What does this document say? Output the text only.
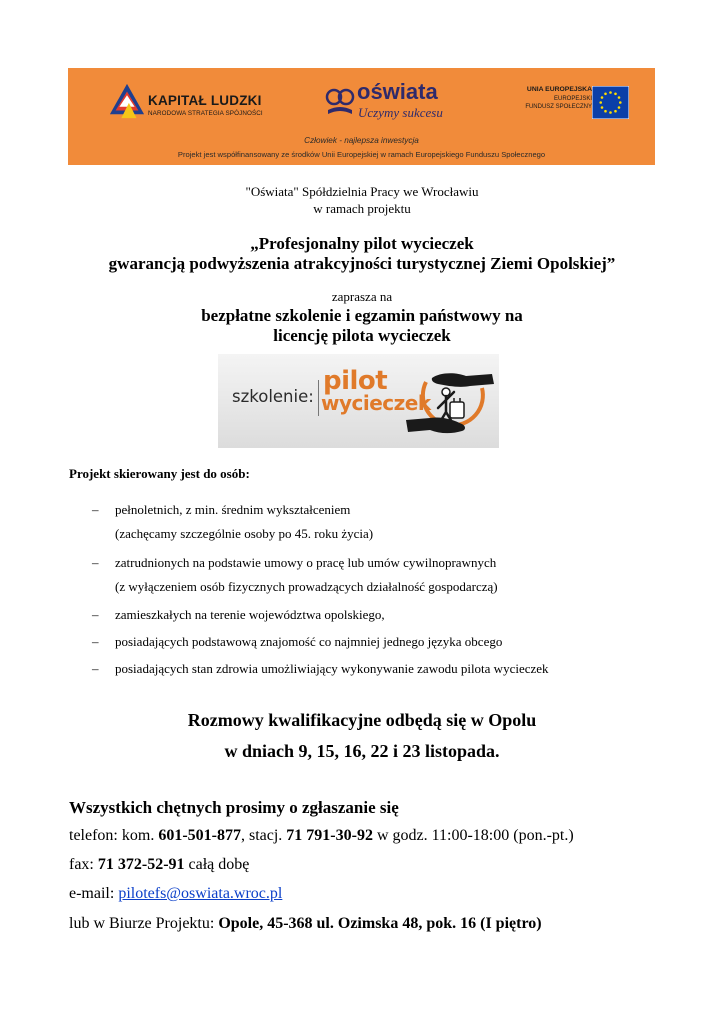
KAPITAŁ LUDZKI
NARODOWA STRATEGIA SPÓJNOŚCI
oświata
Uczymy sukcesu
UNIA EUROPEJSKA
EUROPEJSKI
FUNDUSZ SPOŁECZNY
Człowiek - najlepsza inwestycja
Projekt jest współfinansowany ze środków Unii Europejskiej w ramach Europejskiego Funduszu Społecznego
"Oświata" Spółdzielnia Pracy we Wrocławiu
w ramach projektu
„Profesjonalny pilot wycieczek
gwarancją podwyższenia atrakcyjności turystycznej Ziemi Opolskiej”
zaprasza na
bezpłatne szkolenie i egzamin państwowy na
licencję pilota wycieczek
szkolenie:
pilot
wycieczek
Projekt skierowany jest do osób:
– pełnoletnich, z min. średnim wykształceniem
(zachęcamy szczególnie osoby po 45. roku życia)
– zatrudnionych na podstawie umowy o pracę lub umów cywilnoprawnych
(z wyłączeniem osób fizycznych prowadzących działalność gospodarczą)
– zamieszkałych na terenie województwa opolskiego,
– posiadających podstawową znajomość co najmniej jednego języka obcego
– posiadających stan zdrowia umożliwiający wykonywanie zawodu pilota wycieczek
Rozmowy kwalifikacyjne odbędą się w Opolu
w dniach 9, 15, 16, 22 i 23 listopada.
Wszystkich chętnych prosimy o zgłaszanie się
telefon: kom. 601-501-877, stacj. 71 791-30-92 w godz. 11:00-18:00 (pon.-pt.)
fax: 71 372-52-91 całą dobę
e-mail: pilotefs@oswiata.wroc.pl
lub w Biurze Projektu: Opole, 45-368 ul. Ozimska 48, pok. 16 (I piętro)
